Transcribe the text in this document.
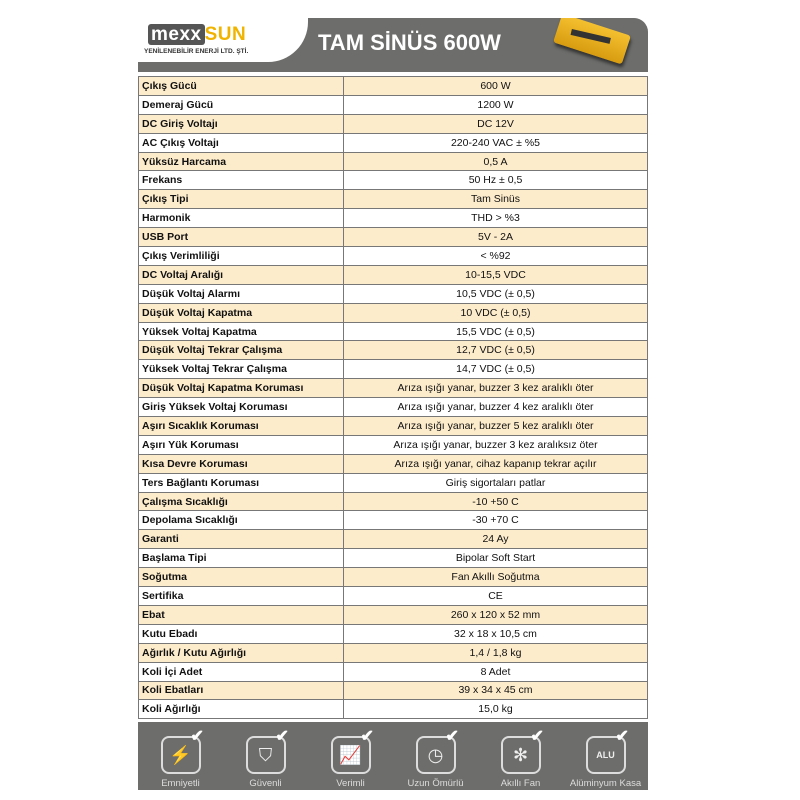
mexx SUN
YENİLENEBİLİR ENERJİ LTD. ŞTİ.	TAM SİNÜS 600W
Çıkış Gücü	600 W
Demeraj Gücü	1200 W
DC Giriş Voltajı	DC 12V
AC Çıkış Voltajı	220-240 VAC ± %5
Yüksüz Harcama	0,5 A
Frekans	50 Hz ± 0,5
Çıkış Tipi	Tam Sinüs
Harmonik	THD > %3
USB Port	5V - 2A
Çıkış Verimliliği	< %92
DC Voltaj Aralığı	10-15,5 VDC
Düşük Voltaj Alarmı	10,5 VDC (± 0,5)
Düşük Voltaj Kapatma	10 VDC (± 0,5)
Yüksek Voltaj Kapatma	15,5 VDC (± 0,5)
Düşük Voltaj Tekrar Çalışma	12,7 VDC (± 0,5)
Yüksek Voltaj Tekrar Çalışma	14,7 VDC (± 0,5)
Düşük Voltaj Kapatma Koruması	Arıza ışığı yanar, buzzer 3 kez aralıklı öter
Giriş Yüksek Voltaj Koruması	Arıza ışığı yanar, buzzer 4 kez aralıklı öter
Aşırı Sıcaklık Koruması	Arıza ışığı yanar, buzzer 5 kez aralıklı öter
Aşırı Yük Koruması	Arıza ışığı yanar, buzzer 3 kez aralıksız öter
Kısa Devre Koruması	Arıza ışığı yanar, cihaz kapanıp tekrar açılır
Ters Bağlantı Koruması	Giriş sigortaları patlar
Çalışma Sıcaklığı	-10 +50 C
Depolama Sıcaklığı	-30 +70 C
Garanti	24 Ay
Başlama Tipi	Bipolar Soft Start
Soğutma	Fan Akıllı Soğutma
Sertifika	CE
Ebat	260 x 120 x 52 mm
Kutu Ebadı	32 x 18 x 10,5 cm
Ağırlık / Kutu Ağırlığı	1,4 / 1,8 kg
Koli İçi Adet	8 Adet
Koli Ebatları	39 x 34 x 45 cm
Koli Ağırlığı	15,0 kg
⚡
✔
Emniyetli
⛉
✔
Güvenli
📈
✔
Verimli
◷
✔
Uzun Ömürlü
✻
✔
Akıllı Fan
ALU
✔
Alüminyum Kasa
